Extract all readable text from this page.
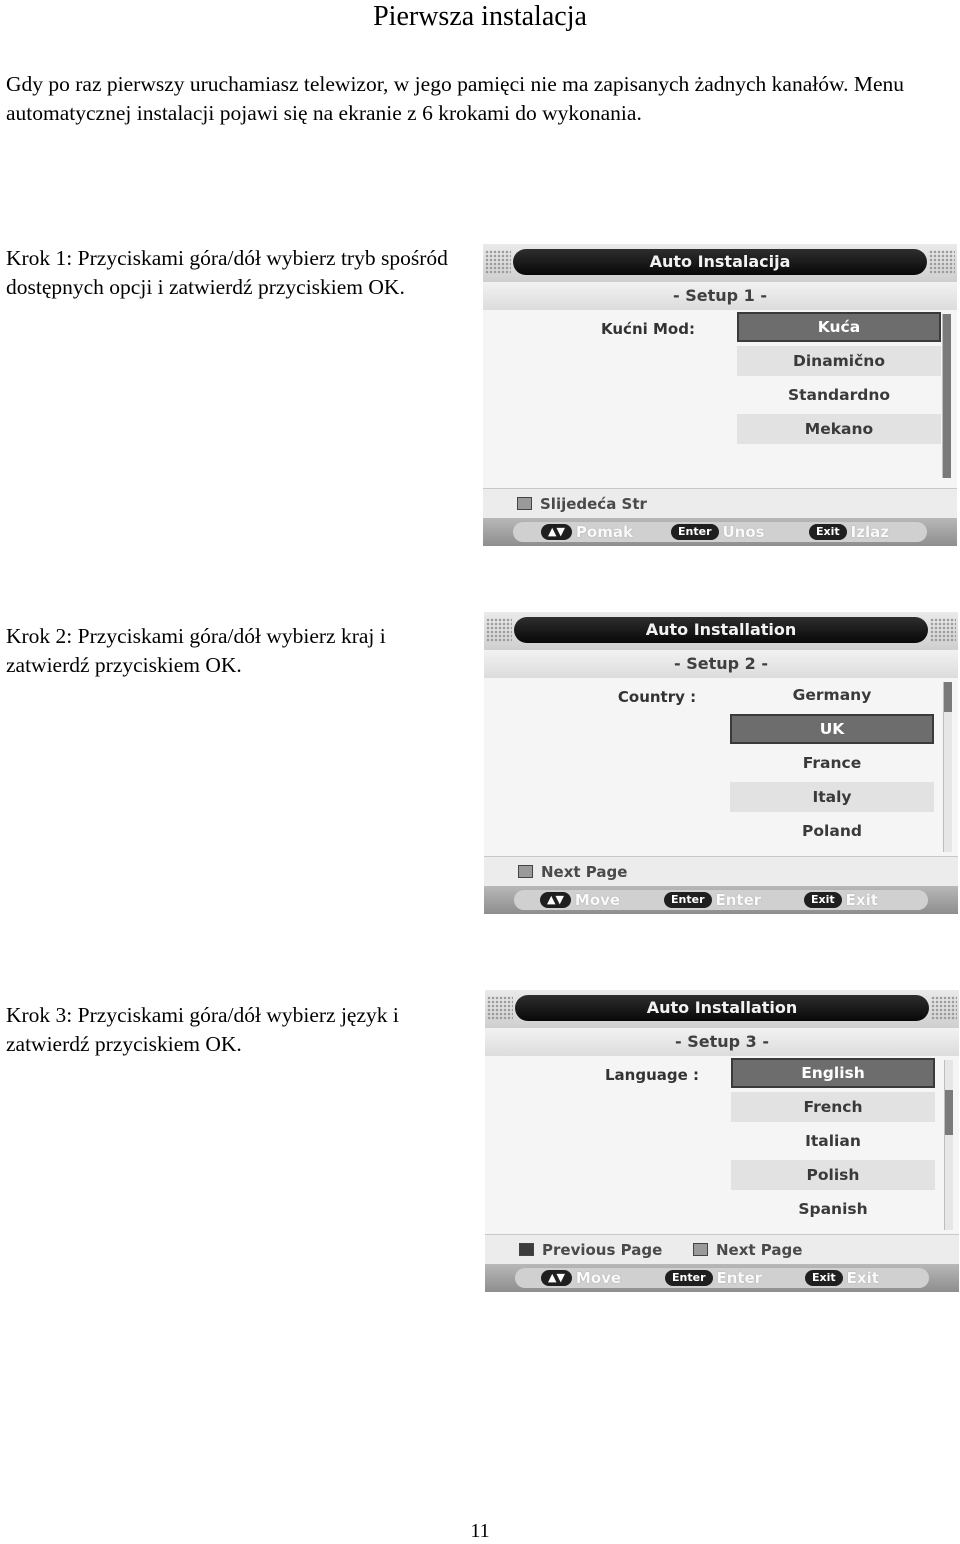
Pierwsza instalacja

Gdy po raz pierwszy uruchamiasz telewizor, w jego pamięci nie ma zapisanych żadnych kanałów. Menu automatycznej instalacji pojawi się na ekranie z 6 krokami do wykonania.

Krok 1: Przyciskami góra/dół wybierz tryb spośród dostępnych opcji i zatwierdź przyciskiem OK.

Auto Instalacija
- Setup 1 -
Kućni Mod:	Kuća
Dinamično
Standardno
Mekano
Slijedeća Str
▲▼ Pomak	Enter Unos	Exit Izlaz

Krok 2: Przyciskami góra/dół wybierz kraj i zatwierdź przyciskiem OK.

Auto Installation
- Setup 2 -
Country :	Germany
UK
France
Italy
Poland
Next Page
▲▼ Move	Enter Enter	Exit Exit

Krok 3: Przyciskami góra/dół wybierz język i zatwierdź przyciskiem OK.

Auto Installation
- Setup 3 -
Language :	English
French
Italian
Polish
Spanish
Previous Page	Next Page
▲▼ Move	Enter Enter	Exit Exit
11
